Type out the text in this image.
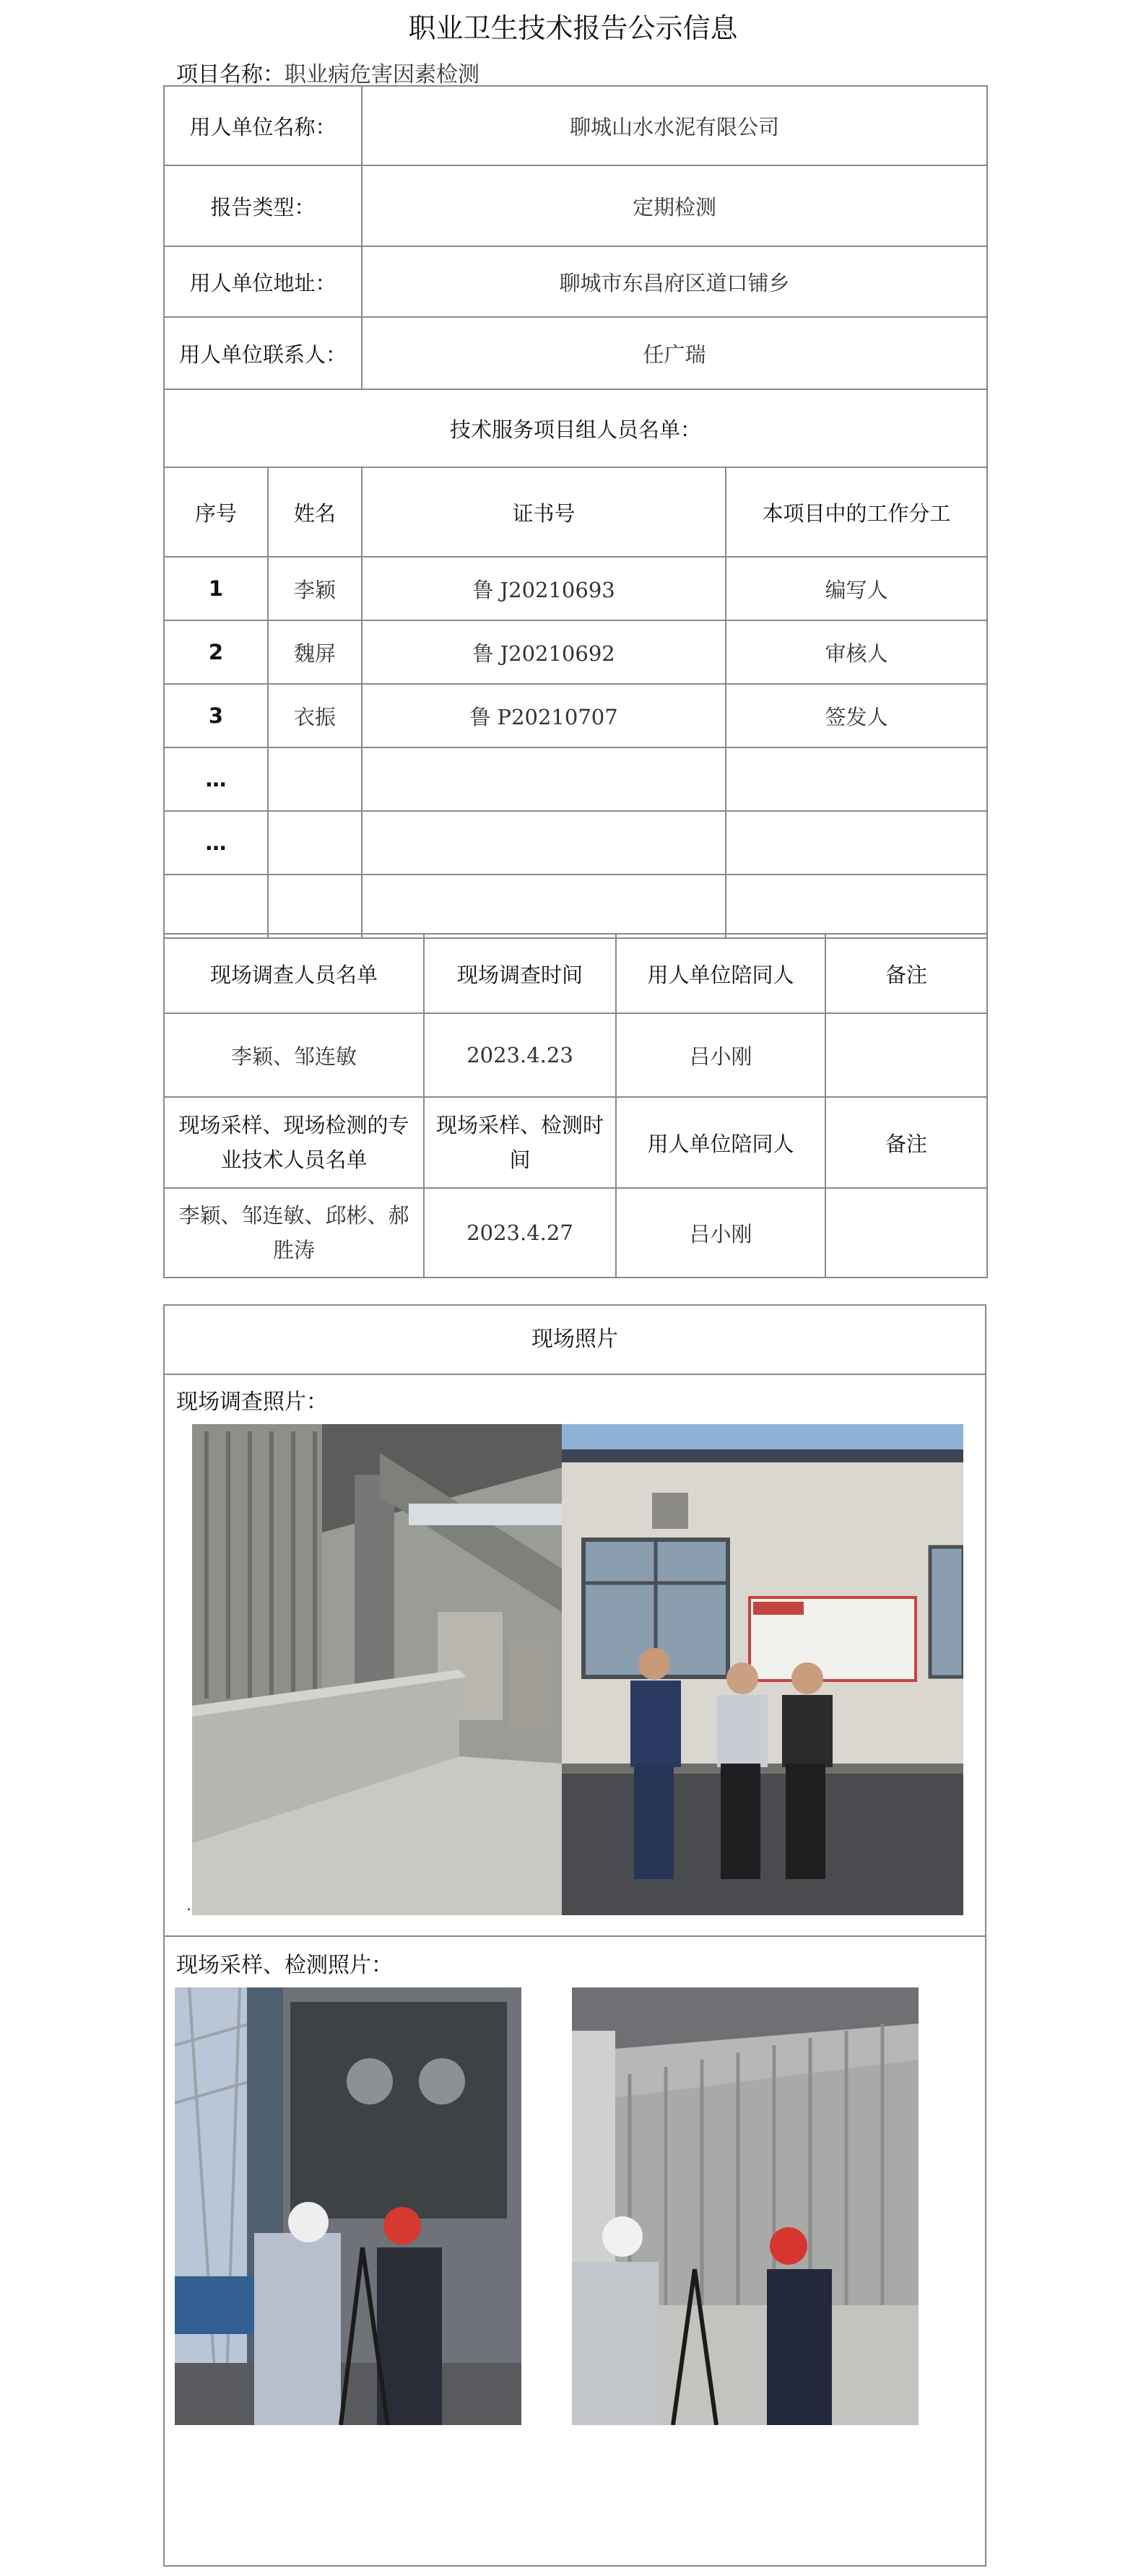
职业卫生技术报告公示信息
项目名称：职业病危害因素检测
用人单位名称：		聊城山水水泥有限公司	
报告类型：		定期检测	
用人单位地址：		聊城市东昌府区道口铺乡	
用人单位联系人：		任广瑞	
技术服务项目组人员名单：			
序号	姓名	证书号	本项目中的工作分工
1	李颖	鲁 J20210693	编写人
2	魏屏	鲁 J20210692	审核人
3	衣振	鲁 P20210707	签发人
…			
…			

现场调查人员名单	现场调查时间	用人单位陪同人	备注
李颖、邹连敏	2023.4.23	吕小刚	
现场采样、现场检测的专业技术人员名单	现场采样、检测时间	用人单位陪同人	备注
李颖、邹连敏、邱彬、郝胜涛	2023.4.27	吕小刚	
现场照片
现场调查照片：
.
现场采样、检测照片：
